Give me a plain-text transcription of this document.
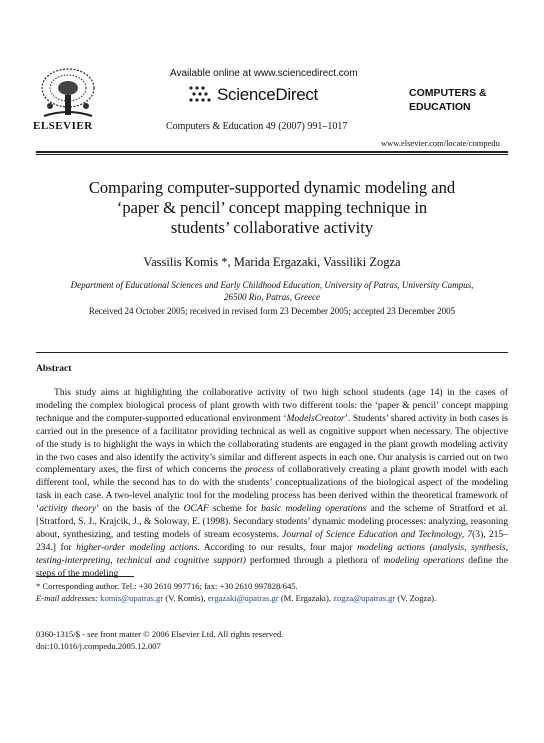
ELSEVIER
Available online at www.sciencedirect.com
ScienceDirect
Computers & Education 49 (2007) 991–1017
COMPUTERS &
EDUCATION
www.elsevier.com/locate/compedu
Comparing computer-supported dynamic modeling and
‘paper & pencil’ concept mapping technique in
students’ collaborative activity
Vassilis Komis *, Marida Ergazaki, Vassiliki Zogza
Department of Educational Sciences and Early Childhood Education, University of Patras, University Campus,
26500 Rio, Patras, Greece
Received 24 October 2005; received in revised form 23 December 2005; accepted 23 December 2005
Abstract
This study aims at highlighting the collaborative activity of two high school students (age 14) in the cases of modeling the complex biological process of plant growth with two different tools: the ‘paper & pencil’ concept mapping technique and the computer-supported educational environment ‘ModelsCreator’. Students’ shared activity in both cases is carried out in the presence of a facilitator providing technical as well as cognitive support when necessary. The objective of the study is to highlight the ways in which the collaborating students are engaged in the plant growth modeling activity in the two cases and also identify the activity’s similar and different aspects in each one. Our analysis is carried out on two complementary axes, the first of which concerns the process of collaboratively creating a plant growth model with each different tool, while the second has to do with the students’ conceptualizations of the biological aspect of the modeling task in each case. A two-level analytic tool for the modeling process has been derived within the theoretical framework of ‘activity theory’ on the basis of the OCAF scheme for basic modeling operations and the scheme of Stratford et al. [Stratford, S. J., Krajcik, J., & Soloway, E. (1998). Secondary students’ dynamic modeling processes: analyzing, reasoning about, synthesizing, and testing models of stream ecosystems. Journal of Science Education and Technology, 7(3), 215–234.] for higher-order modeling actions. According to our results, four major modeling actions (analysis, synthesis, testing-interpreting, technical and cognitive support) performed through a plethora of modeling operations define the steps of the modeling
* Corresponding author. Tel.: +30 2610 997716; fax: +30 2610 997828/645.
E-mail addresses: komis@upatras.gr (V. Komis), ergazaki@upatras.gr (M. Ergazaki), zogza@upatras.gr (V. Zogza).
0360-1315/$ - see front matter © 2006 Elsevier Ltd. All rights reserved.
doi:10.1016/j.compedu.2005.12.007
